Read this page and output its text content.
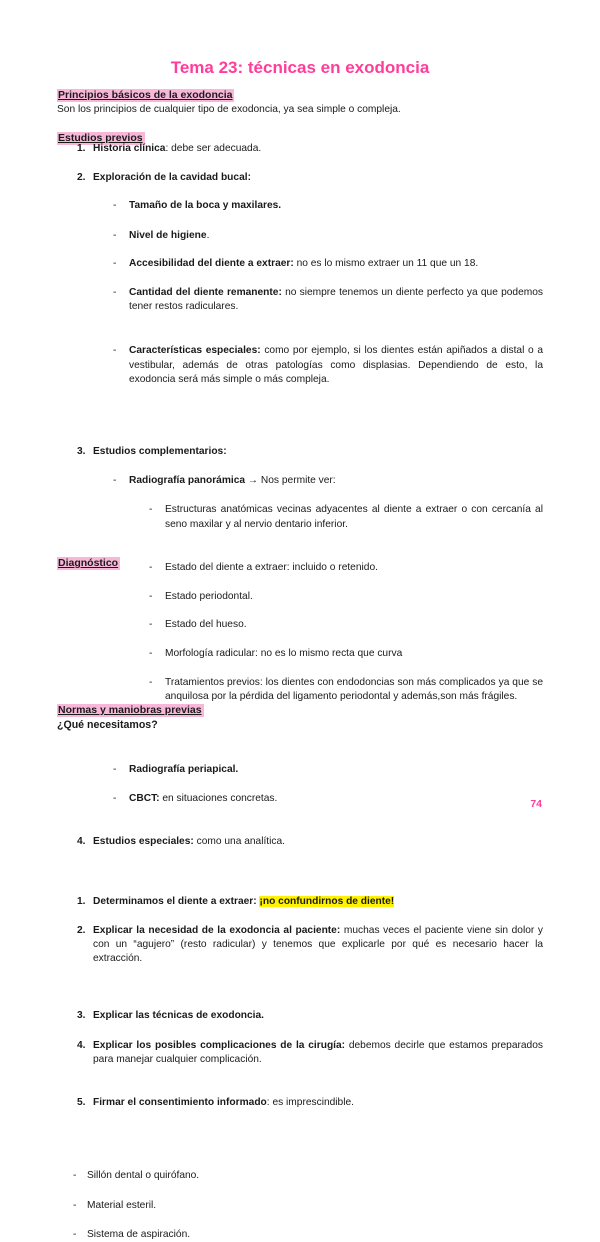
Tema 23: técnicas en exodoncia
Principios básicos de la exodoncia
Son los principios de cualquier tipo de exodoncia, ya sea simple o compleja.
Estudios previos
1. Historia clínica: debe ser adecuada.
2. Exploración de la cavidad bucal:
- Tamaño de la boca y maxilares.
- Nivel de higiene.
- Accesibilidad del diente a extraer: no es lo mismo extraer un 11 que un 18.
- Cantidad del diente remanente: no siempre tenemos un diente perfecto ya que podemos tener restos radiculares.
- Características especiales: como por ejemplo, si los dientes están apiñados a distal o a vestibular, además de otras patologías como displasias. Dependiendo de esto, la exodoncia será más simple o más compleja.
3. Estudios complementarios:
- Radiografía panorámica → Nos permite ver:
- Estructuras anatómicas vecinas adyacentes al diente a extraer o con cercanía al seno maxilar y al nervio dentario inferior.
- Estado del diente a extraer: incluido o retenido.
- Estado periodontal.
- Estado del hueso.
- Morfología radicular: no es lo mismo recta que curva
- Tratamientos previos: los dientes con endodoncias son más complicados ya que se anquilosa por la pérdida del ligamento periodontal y además,son más frágiles.
- Radiografía periapical.
- CBCT: en situaciones concretas.
4. Estudios especiales: como una analítica.
Diagnóstico
1. Determinamos el diente a extraer: ¡no confundirnos de diente!
2. Explicar la necesidad de la exodoncia al paciente: muchas veces el paciente viene sin dolor y con un “agujero” (resto radicular) y tenemos que explicarle por qué es necesario hacer la extracción.
3. Explicar las técnicas de exodoncia.
4. Explicar los posibles complicaciones de la cirugía: debemos decirle que estamos preparados para manejar cualquier complicación.
5. Firmar el consentimiento informado: es imprescindible.
Normas y maniobras previas
¿Qué necesitamos?
- Sillón dental o quirófano.
- Material esteril.
- Sistema de aspiración.
74
